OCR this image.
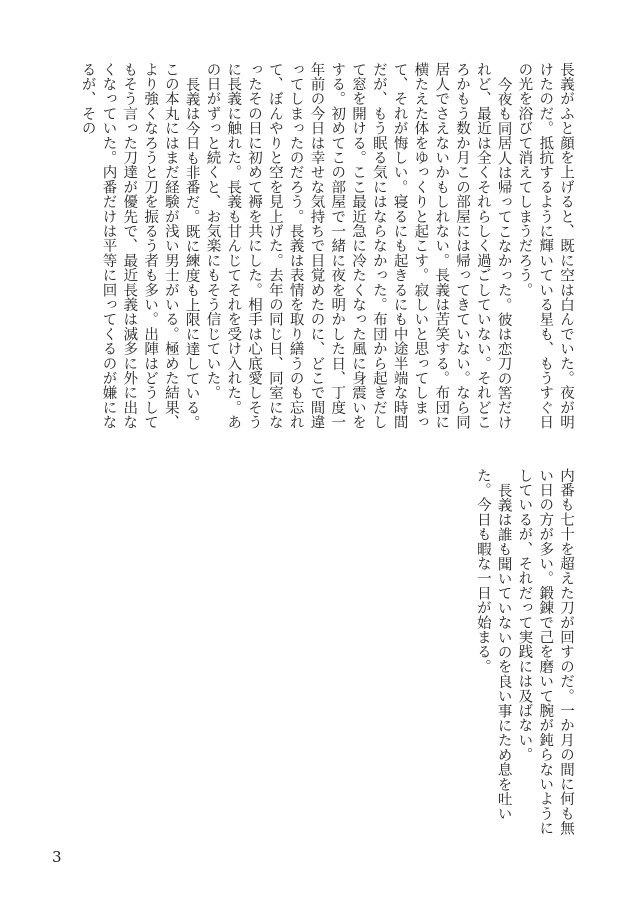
長義がふと顔を上げると、既に空は白んでいた。夜が明けたのだ。抵抗するように輝いている星も、もうすぐ日の光を浴びて消えてしまうだろう。

今夜も同居人は帰ってこなかった。彼は恋刀の筈だけれど、最近は全くそれらしく過ごしていない。それどころかもう数か月この部屋には帰ってきていない。なら同居人でさえないかもしれない。長義は苦笑する。布団に横たえた体をゆっくりと起こす。寂しいと思ってしまって、それが悔しい。寝るにも起きるにも中途半端な時間だが、もう眠る気にはならなかった。布団から起きだして窓を開ける。ここ最近急に冷たくなった風に身震いをする。初めてこの部屋で一緒に夜を明かした日、丁度一年前の今日は幸せな気持ちで目覚めたのに、どこで間違ってしまったのだろう。長義は表情を取り繕うのも忘れて、ぼんやりと空を見上げた。去年の同じ日、同室になったその日に初めて褥を共にした。相手は心底愛しそうに長義に触れた。長義も甘んじてそれを受け入れた。あの日がずっと続くと、お気楽にもそう信じていた。

長義は今日も非番だ。既に練度も上限に達している。この本丸にはまだ経験が浅い男士がいる。極めた結果、より強くなろうと刀を振るう者も多い。出陣はどうしてもそう言った刀達が優先で、最近長義は滅多に外に出なくなっていた。内番だけは平等に回ってくるのが嫌になるが、その

内番も七十を超えた刀が回すのだ。一か月の間に何も無い日の方が多い。鍛錬で己を磨いて腕が鈍らないようにしているが、それだって実践には及ばない。

長義は誰も聞いていないのを良い事にため息を吐いた。今日も暇な一日が始まる。

3
